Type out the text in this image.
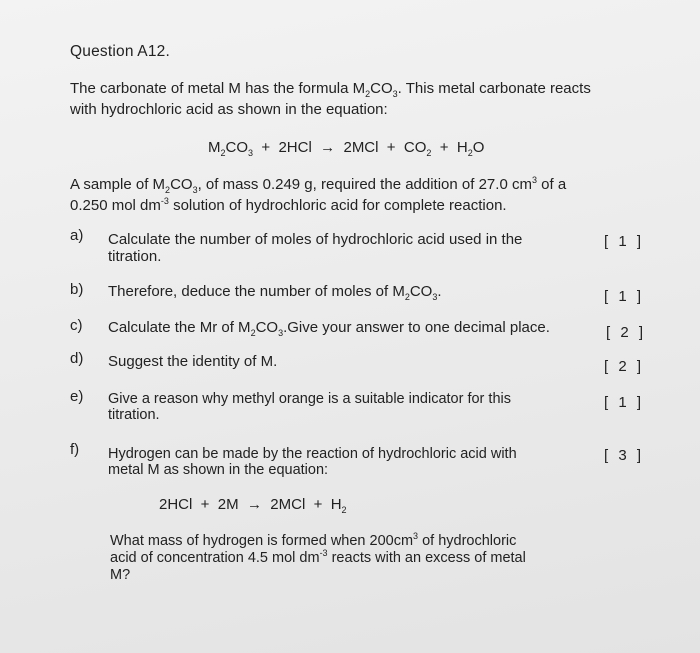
Question A12.
The carbonate of metal M has the formula $M_2CO_3$. This metal carbonate reacts
with hydrochloric acid as shown in the equation:
$M_2CO_3 + 2HCl \to 2MCl + CO_2 + H_2O$
A sample of $M_2CO_3$, of mass 0.249 g, required the addition of 27.0 $cm^3$ of a
0.250 mol $dm^{-3}$ solution of hydrochloric acid for complete reaction.
a) Calculate the number of moles of hydrochloric acid used in the
titration.
[ 1 ]
b) Therefore, deduce the number of moles of $M_2CO_3$.	[ 1 ]
c) Calculate the Mr of $M_2CO_3.Give$ your answer to one decimal place.	[ 2 ]
d) Suggest the identity of M.	[ 2 ]
e) Give a reason why methyl orange is a suitable indicator for this
titration.
[ 1 ]
f) Hydrogen can be made by the reaction of hydrochloric acid with
metal M as shown in the equation:
[ 3 ]
$2HCl + 2M \to 2MCl + H_2$
What mass of hydrogen is formed when $200cm^3$ of hydrochloric
acid of concentration 4.5 mol $dm^{-3}$ reacts with an excess of metal
M?
